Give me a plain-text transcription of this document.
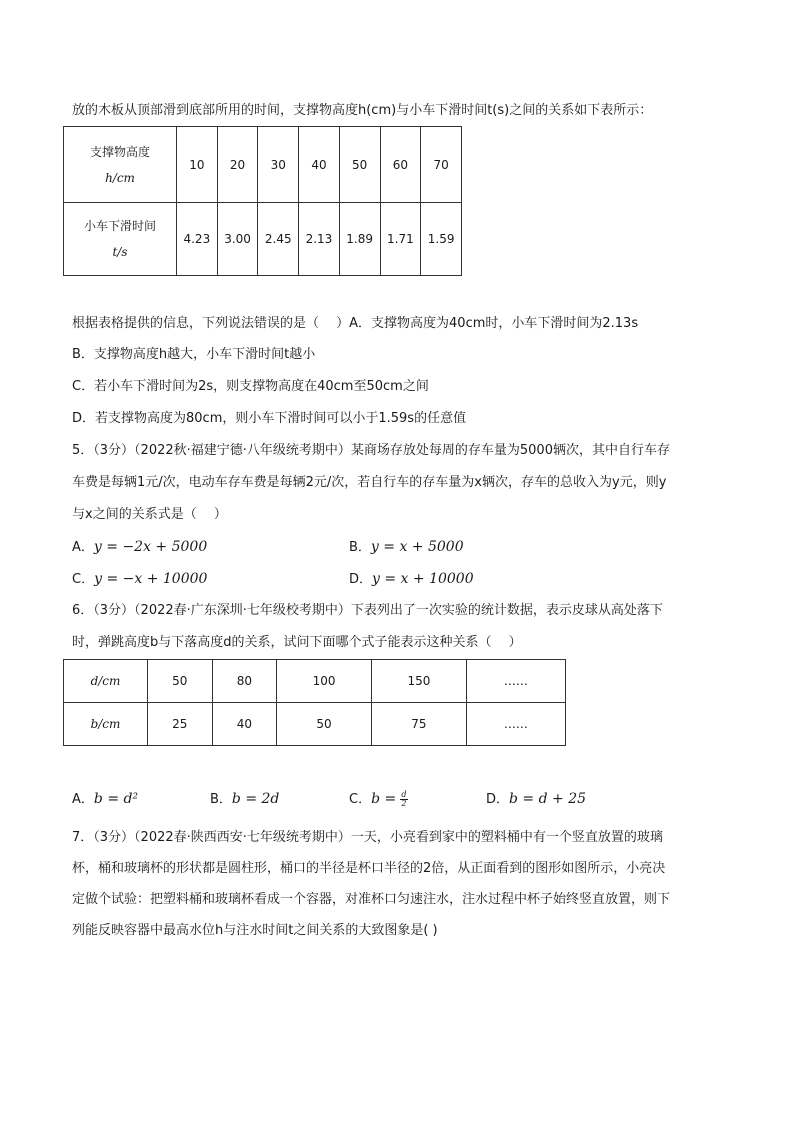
放的木板从顶部滑到底部所用的时间，支撑物高度h(cm)与小车下滑时间t(s)之间的关系如下表所示：
支撑物高度
h/cm	10	20	30	40	50	60	70
小车下滑时间
t/s	4.23	3.00	2.45	2.13	1.89	1.71	1.59
根据表格提供的信息，下列说法错误的是（　 ）A．支撑物高度为40cm时，小车下滑时间为2.13s
B．支撑物高度h越大，小车下滑时间t越小
C．若小车下滑时间为2s，则支撑物高度在40cm至50cm之间
D．若支撑物高度为80cm，则小车下滑时间可以小于1.59s的任意值
5．（3分）（2022秋·福建宁德·八年级统考期中）某商场存放处每周的存车量为5000辆次，其中自行车存
车费是每辆1元/次，电动车存车费是每辆2元/次，若自行车的存车量为x辆次，存车的总收入为y元，则y
与x之间的关系式是（　 ）
A．y = −2x + 5000	B．y = x + 5000
C．y = −x + 10000	D．y = x + 10000
6．（3分）（2022春·广东深圳·七年级校考期中）下表列出了一次实验的统计数据，表示皮球从高处落下
时，弹跳高度b与下落高度d的关系，试问下面哪个式子能表示这种关系（　 ）
d/cm	50	80	100	150	……
b/cm	25	40	50	75	……
A．b = d²	B．b = 2d	C．$b = \frac{d}{2}$	D．b = d + 25
7．（3分）（2022春·陕西西安·七年级统考期中）一天，小亮看到家中的塑料桶中有一个竖直放置的玻璃
杯，桶和玻璃杯的形状都是圆柱形，桶口的半径是杯口半径的2倍，从正面看到的图形如图所示，小亮决
定做个试验：把塑料桶和玻璃杯看成一个容器，对准杯口匀速注水，注水过程中杯子始终竖直放置，则下
列能反映容器中最高水位h与注水时间t之间关系的大致图象是( )
